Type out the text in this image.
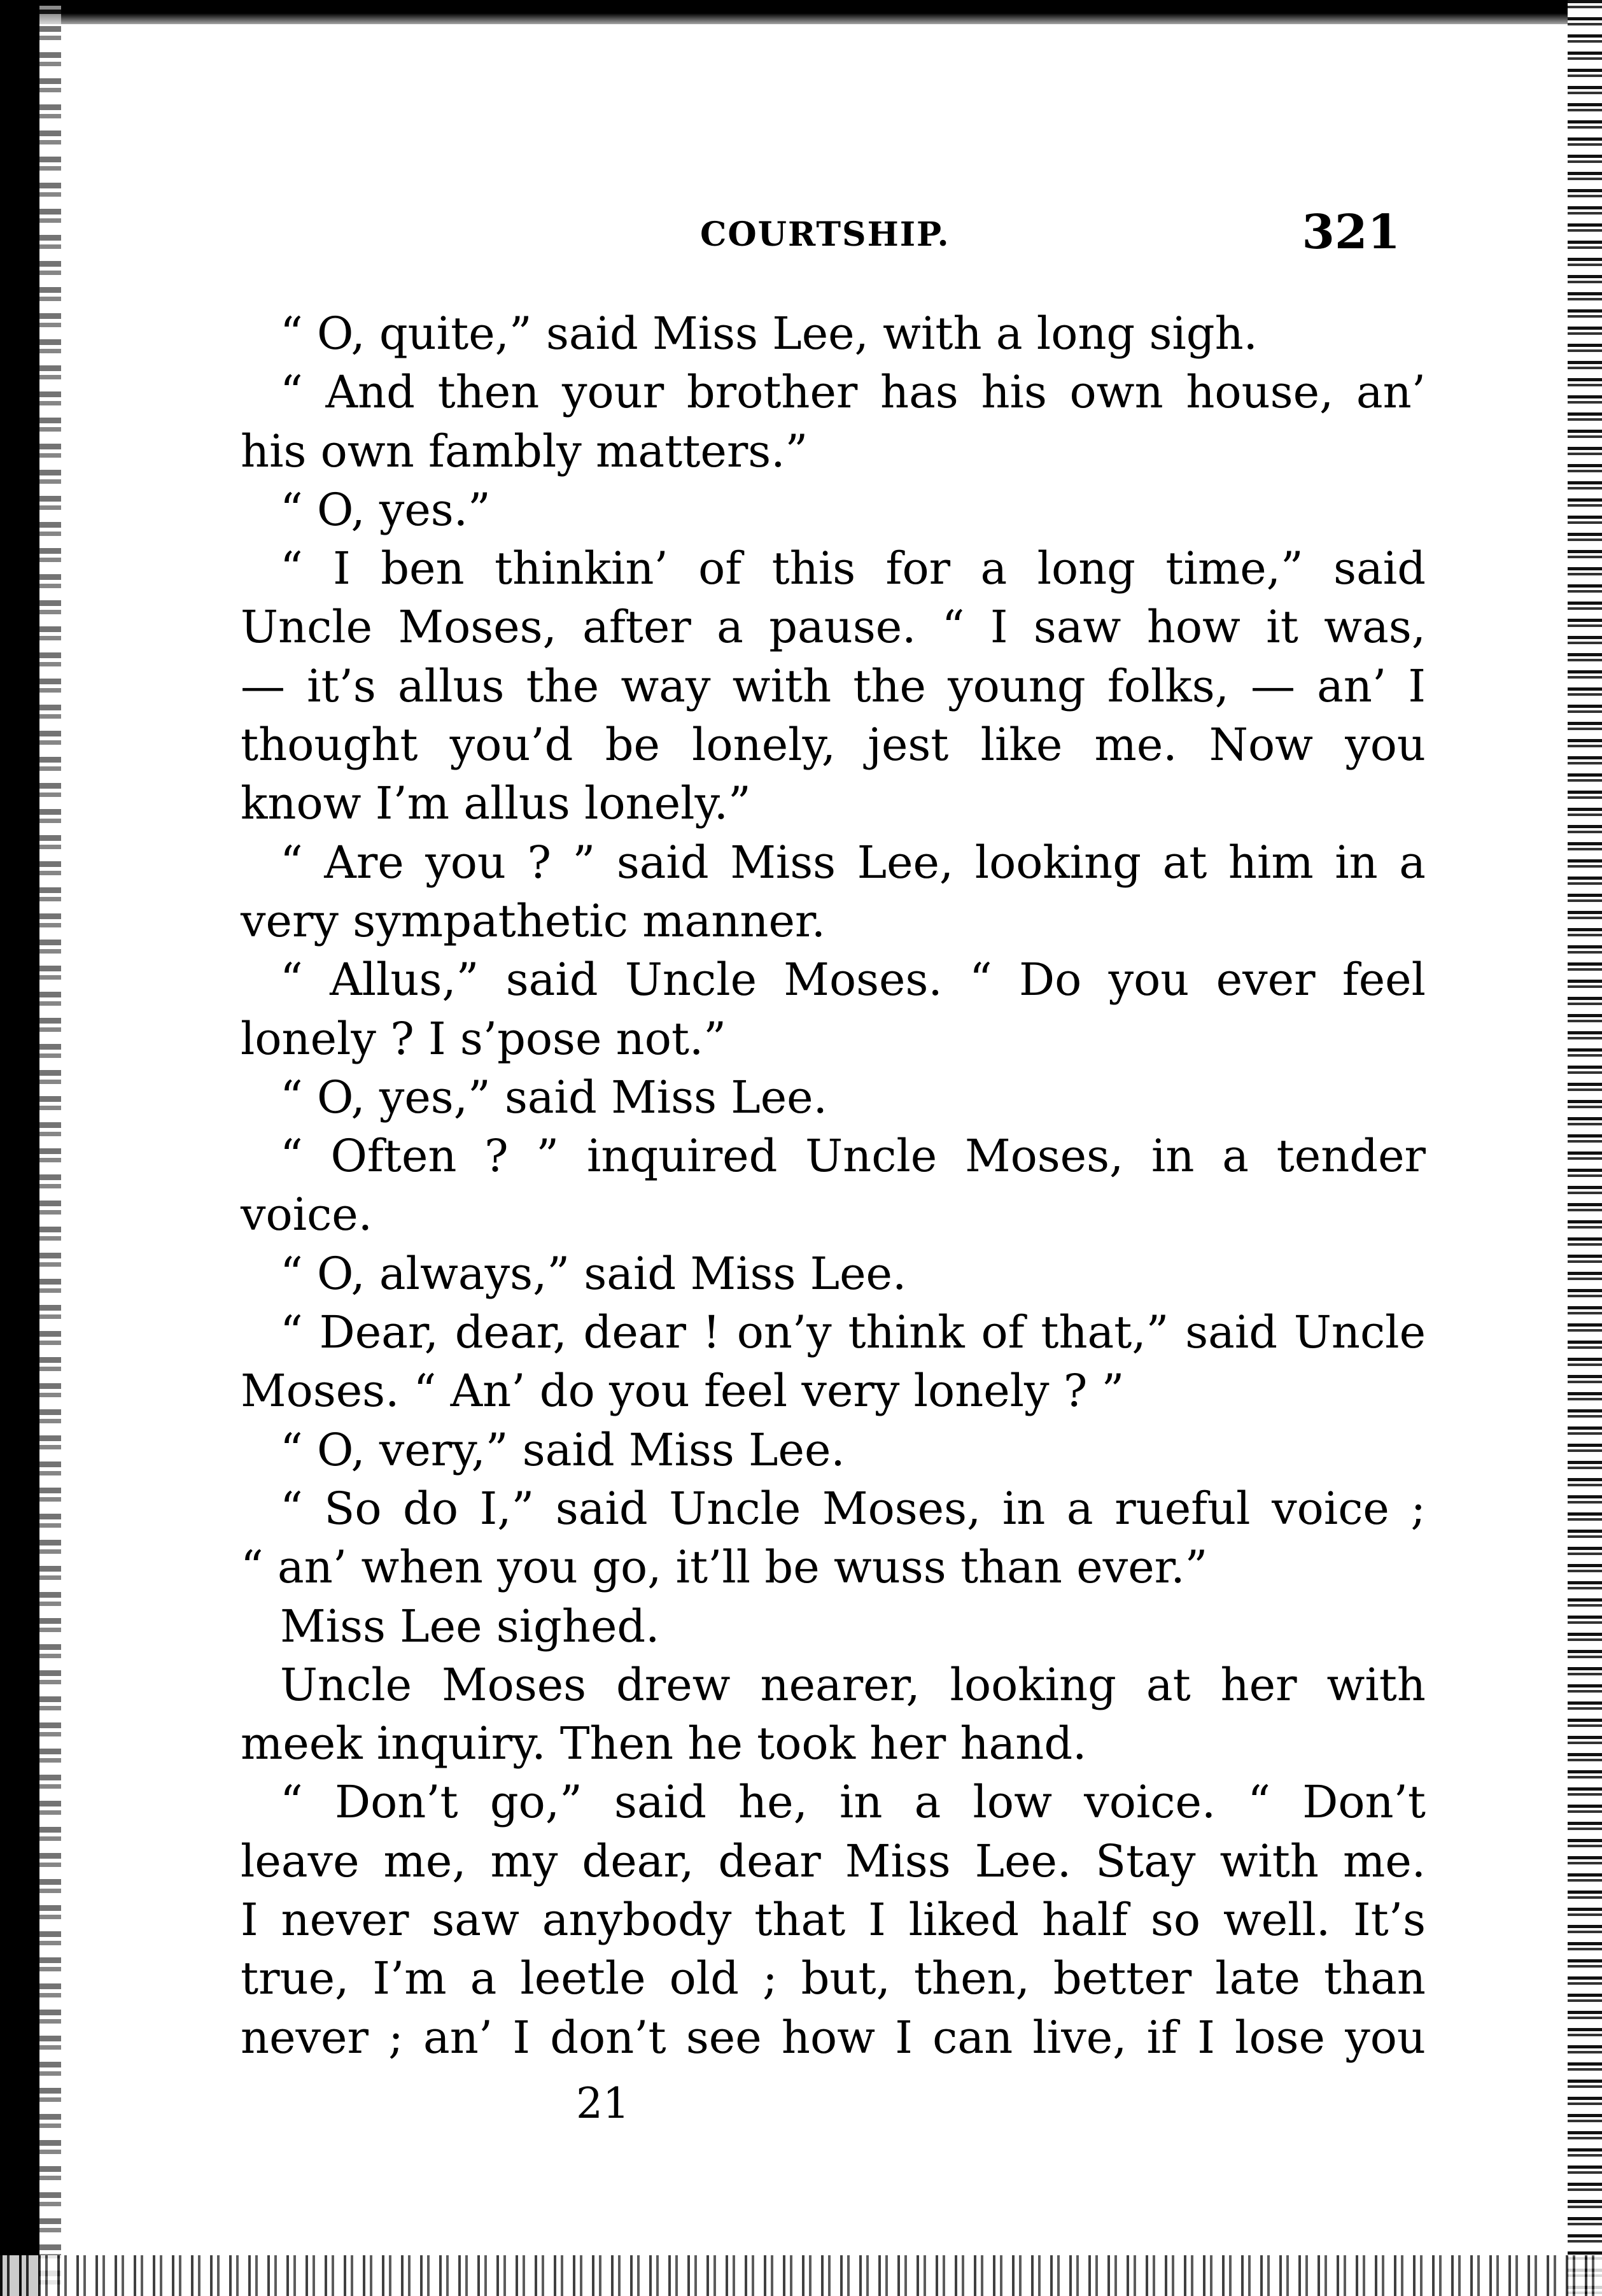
COURTSHIP.	321
“ O, quite,” said Miss Lee, with a long sigh.
“ And then your brother has his own house, an’
his own fambly matters.”
“ O, yes.”
“ I ben thinkin’ of this for a long time,” said
Uncle Moses, after a pause. “ I saw how it was,
— it’s allus the way with the young folks, — an’ I
thought you’d be lonely, jest like me. Now you
know I’m allus lonely.”
“ Are you ? ” said Miss Lee, looking at him in a
very sympathetic manner.
“ Allus,” said Uncle Moses. “ Do you ever feel
lonely ? I s’pose not.”
“ O, yes,” said Miss Lee.
“ Often ? ” inquired Uncle Moses, in a tender
voice.
“ O, always,” said Miss Lee.
“ Dear, dear, dear ! on’y think of that,” said Uncle
Moses. “ An’ do you feel very lonely ? ”
“ O, very,” said Miss Lee.
“ So do I,” said Uncle Moses, in a rueful voice ;
“ an’ when you go, it’ll be wuss than ever.”
Miss Lee sighed.
Uncle Moses drew nearer, looking at her with
meek inquiry. Then he took her hand.
“ Don’t go,” said he, in a low voice. “ Don’t
leave me, my dear, dear Miss Lee. Stay with me.
I never saw anybody that I liked half so well. It’s
true, I’m a leetle old ; but, then, better late than
never ; an’ I don’t see how I can live, if I lose you
21
